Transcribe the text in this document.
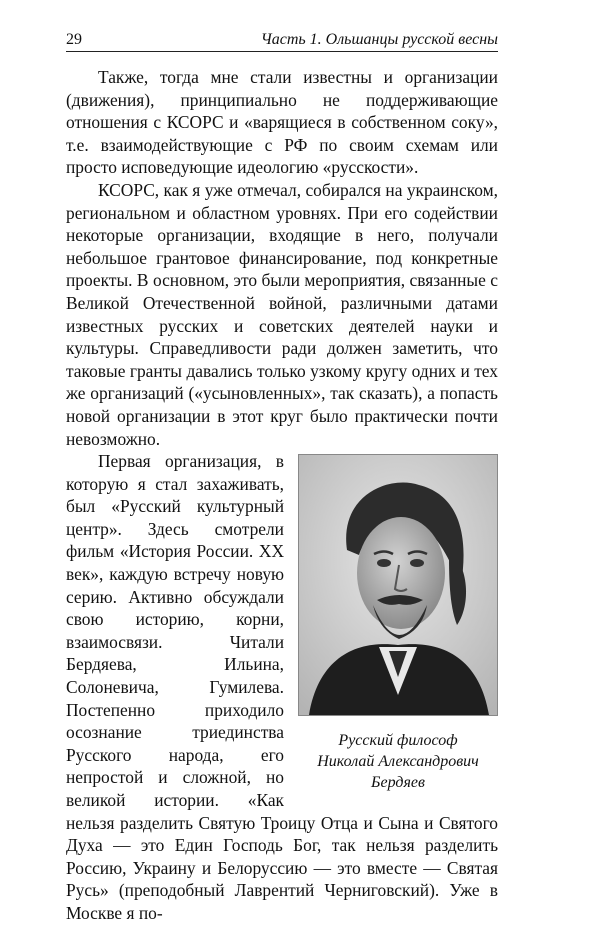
29	Часть 1. Ольшанцы русской весны

Также, тогда мне стали известны и организации (движения), принципиально не поддерживающие отношения с КСОРС и «варящиеся в собственном соку», т.е. взаимодействующие с РФ по своим схемам или просто исповедующие идеологию «русскости».

КСОРС, как я уже отмечал, собирался на украинском, региональном и областном уровнях. При его содействии некоторые организации, входящие в него, получали небольшое грантовое финансирование, под конкретные проекты. В основном, это были мероприятия, связанные с Великой Отечественной войной, различными датами известных русских и советских деятелей науки и культуры. Справедливости ради должен заметить, что таковые гранты давались только узкому кругу одних и тех же организаций («усыновленных», так сказать), а попасть новой организации в этот круг было практически почти невозможно.

Русский философ
Николай Александрович
Бердяев

Первая организация, в которую я стал захаживать, был «Русский культурный центр». Здесь смотрели фильм «История России. XX век», каждую встречу новую серию. Активно обсуждали свою историю, корни, взаимосвязи. Читали Бердяева, Ильина, Солоневича, Гумилева. Постепенно приходило осознание триединства Русского народа, его непростой и сложной, но великой истории. «Как нельзя разделить Святую Троицу Отца и Сына и Святого Духа — это Един Господь Бог, так нельзя разделить Россию, Украину и Белоруссию — это вместе — Святая Русь» (преподобный Лаврентий Черниговский). Уже в Москве я по-
